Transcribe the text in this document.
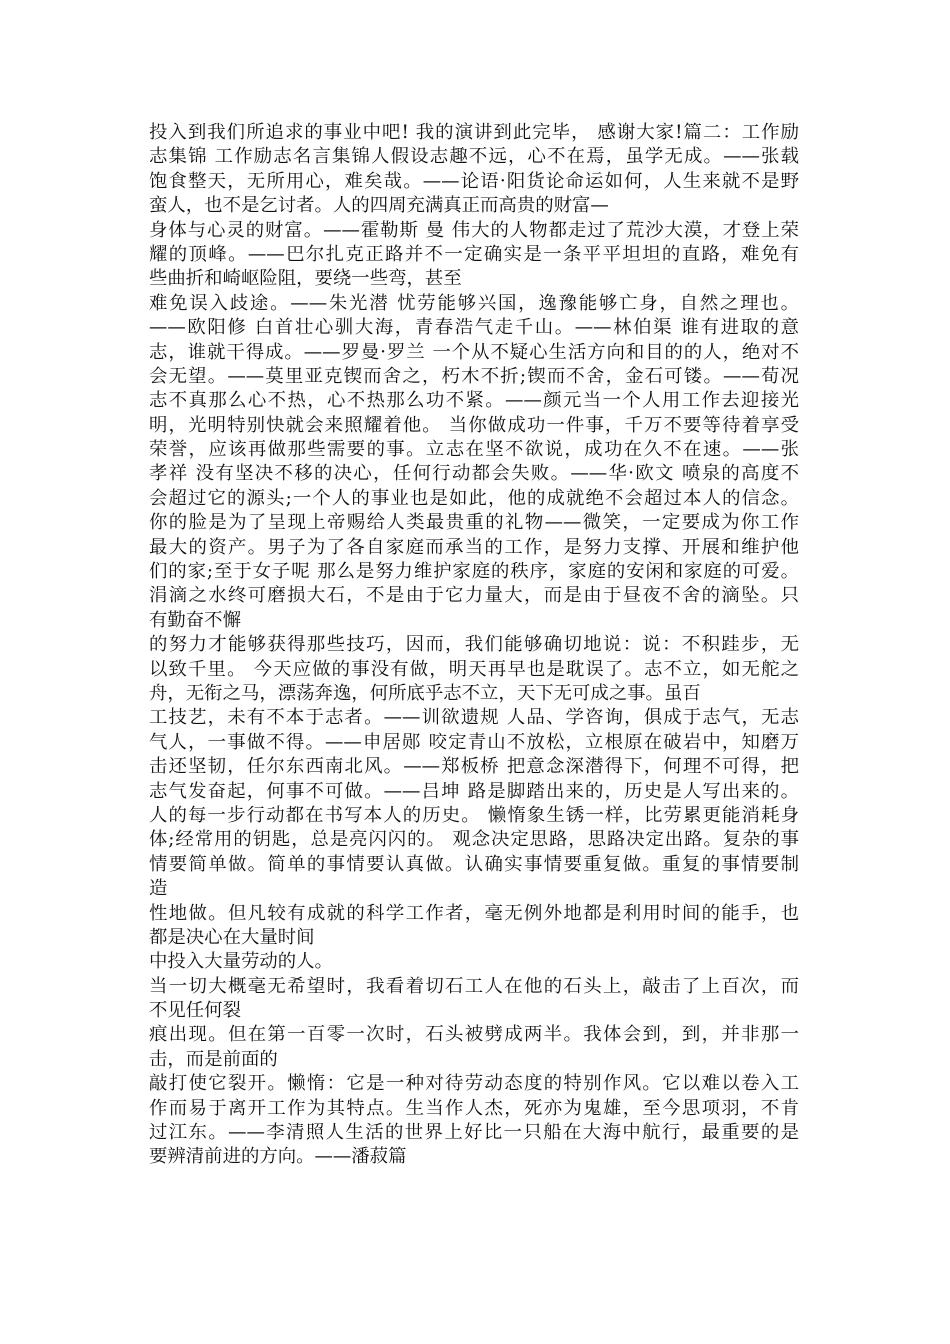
投入到我们所追求的事业中吧! 我的演讲到此完毕， 感谢大家!篇二：工作励
志集锦 工作励志名言集锦人假设志趣不远，心不在焉，虽学无成。——张载
饱食整天，无所用心，难矣哉。——论语·阳货论命运如何，人生来就不是野
蛮人，也不是乞讨者。人的四周充满真正而高贵的财富—
身体与心灵的财富。——霍勒斯 曼 伟大的人物都走过了荒沙大漠，才登上荣
耀的顶峰。——巴尔扎克正路并不一定确实是一条平平坦坦的直路，难免有
些曲折和崎岖险阻，要绕一些弯，甚至
难免误入歧途。——朱光潜 忧劳能够兴国，逸豫能够亡身，自然之理也。
——欧阳修 白首壮心驯大海，青春浩气走千山。——林伯渠 谁有进取的意
志，谁就干得成。——罗曼·罗兰 一个从不疑心生活方向和目的的人，绝对不
会无望。——莫里亚克锲而舍之，朽木不折;锲而不舍，金石可镂。——荀况
志不真那么心不热，心不热那么功不紧。——颜元当一个人用工作去迎接光
明，光明特别快就会来照耀着他。 当你做成功一件事，千万不要等待着享受
荣誉，应该再做那些需要的事。立志在坚不欲说，成功在久不在速。——张
孝祥 没有坚决不移的决心，任何行动都会失败。——华·欧文 喷泉的高度不
会超过它的源头;一个人的事业也是如此，他的成就绝不会超过本人的信念。
你的脸是为了呈现上帝赐给人类最贵重的礼物——微笑，一定要成为你工作
最大的资产。男子为了各自家庭而承当的工作，是努力支撑、开展和维护他
们的家;至于女子呢 那么是努力维护家庭的秩序，家庭的安闲和家庭的可爱。
涓滴之水终可磨损大石，不是由于它力量大，而是由于昼夜不舍的滴坠。只
有勤奋不懈
的努力才能够获得那些技巧，因而，我们能够确切地说：说：不积跬步，无
以致千里。 今天应做的事没有做，明天再早也是耽误了。志不立，如无舵之
舟，无衔之马，漂荡奔逸，何所底乎志不立，天下无可成之事。虽百
工技艺，未有不本于志者。——训欲遗规 人品、学咨询，俱成于志气，无志
气人，一事做不得。——申居郧 咬定青山不放松，立根原在破岩中，知磨万
击还坚韧，任尔东西南北风。——郑板桥 把意念深潜得下，何理不可得，把
志气发奋起，何事不可做。——吕坤 路是脚踏出来的，历史是人写出来的。
人的每一步行动都在书写本人的历史。 懒惰象生锈一样，比劳累更能消耗身
体;经常用的钥匙，总是亮闪闪的。 观念决定思路，思路决定出路。复杂的事
情要简单做。简单的事情要认真做。认确实事情要重复做。重复的事情要制
造
性地做。但凡较有成就的科学工作者，毫无例外地都是利用时间的能手，也
都是决心在大量时间
中投入大量劳动的人。
当一切大概毫无希望时，我看着切石工人在他的石头上，敲击了上百次，而
不见任何裂
痕出现。但在第一百零一次时，石头被劈成两半。我体会到，到，并非那一
击，而是前面的
敲打使它裂开。懒惰：它是一种对待劳动态度的特别作风。它以难以卷入工
作而易于离开工作为其特点。生当作人杰，死亦为鬼雄，至今思项羽，不肯
过江东。——李清照人生活的世界上好比一只船在大海中航行，最重要的是
要辨清前进的方向。——潘菽篇
